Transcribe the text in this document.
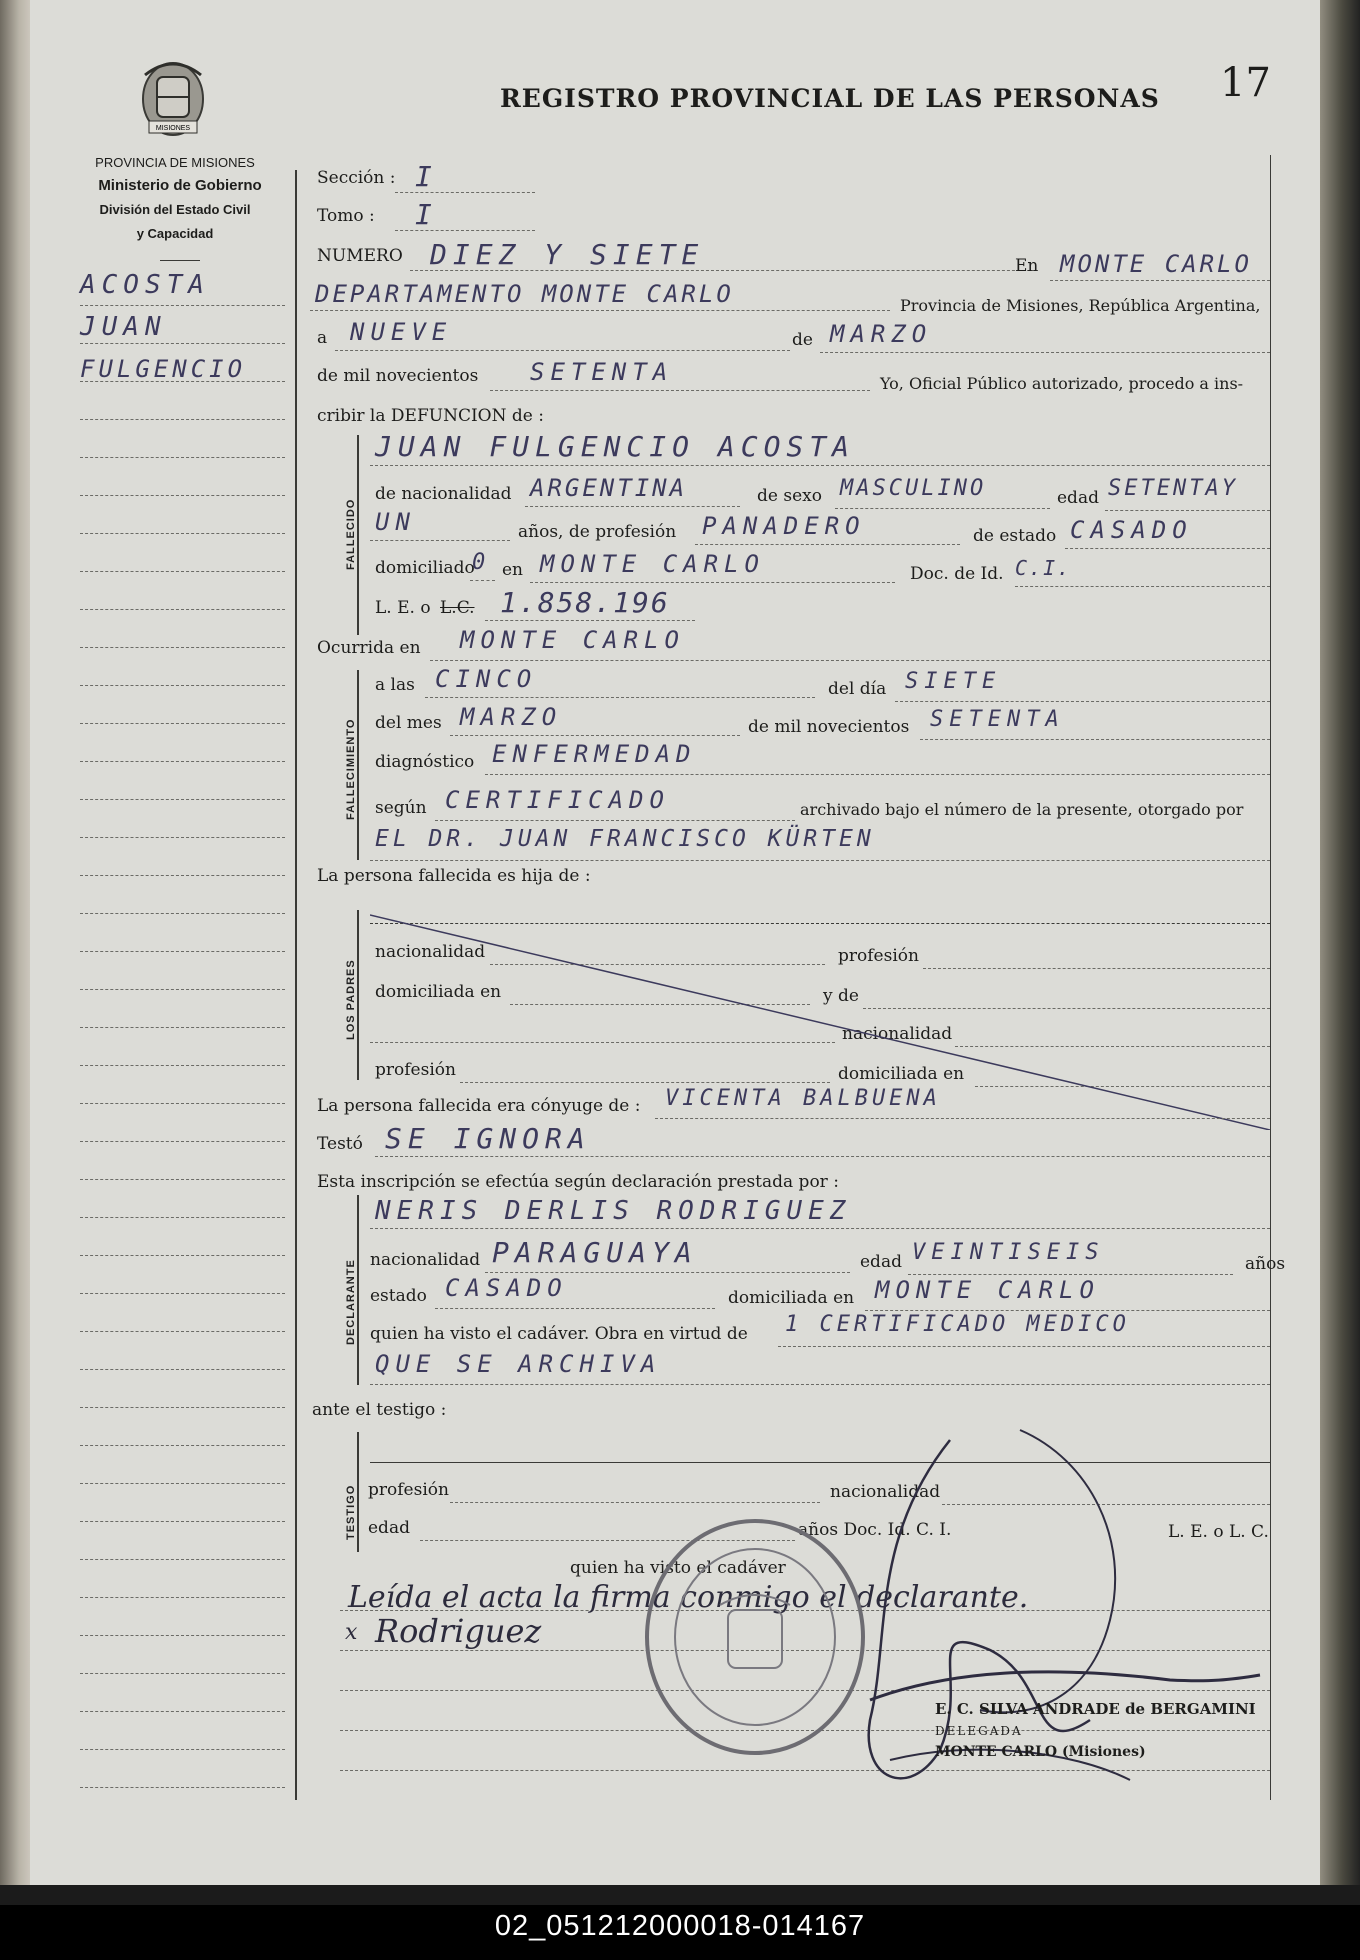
MISIONES
PROVINCIA DE MISIONES
Ministerio de Gobierno
División del Estado Civil
y Capacidad
REGISTRO PROVINCIAL DE LAS PERSONAS 17
ACOSTA
JUAN
FULGENCIO
Sección : I
Tomo : I
NUMERO DIEZ Y SIETE	En MONTE CARLO
DEPARTAMENTO MONTE CARLO	Provincia de Misiones, República Argentina,
a NUEVE	de MARZO
de mil novecientos SETENTA	Yo, Oficial Público autorizado, procedo a ins-
cribir la DEFUNCION de :
FALLECIDO
JUAN FULGENCIO ACOSTA
de nacionalidad ARGENTINA	de sexo MASCULINO	edad SETENTAY
UN	años, de profesión PANADERO	de estado CASADO
domiciliado
0 en MONTE CARLO	Doc. de Id. C.I.
L. E. o L.C. 1.858.196
Ocurrida en MONTE CARLO
FALLECIMIENTO
a las CINCO	del día SIETE
del mes MARZO	de mil novecientos SETENTA
diagnóstico ENFERMEDAD
según CERTIFICADO	archivado bajo el número de la presente, otorgado por
EL DR. JUAN FRANCISCO KÜRTEN
La persona fallecida es hija de :
LOS PADRES
nacionalidad	profesión
domiciliada en	y de
nacionalidad
profesión	domiciliada en
La persona fallecida era cónyuge de : VICENTA BALBUENA
Testó SE IGNORA
Esta inscripción se efectúa según declaración prestada por :
DECLARANTE
NERIS DERLIS RODRIGUEZ
nacionalidad PARAGUAYA	edad VEINTISEIS	años
estado CASADO	domiciliada en MONTE CARLO
quien ha visto el cadáver. Obra en virtud de 1 CERTIFICADO MEDICO
QUE SE ARCHIVA
ante el testigo :
TESTIGO profesión	nacionalidad
edad	años Doc. Id. C. I.	L. E. o L. C.
quien ha visto el cadáver
Leída el acta la firma conmigo el declarante.
x Rodriguez
E. C. SILVA ANDRADE de BERGAMINI
DELEGADA
MONTE CARLO (Misiones)
02_051212000018-014167
